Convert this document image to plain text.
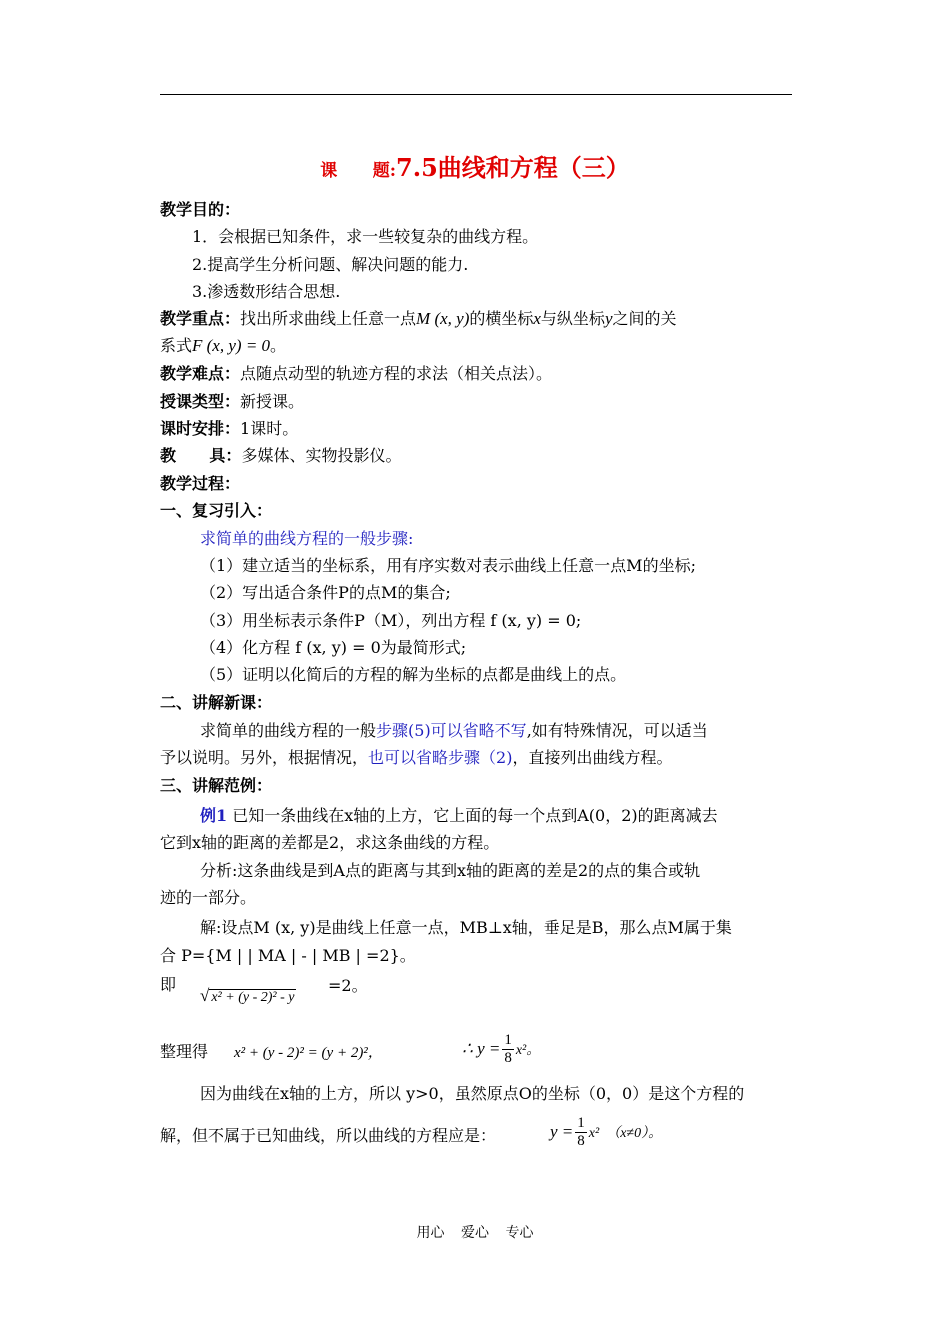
课      题:7.5曲线和方程（三）
教学目的：
1．会根据已知条件，求一些较复杂的曲线方程。
2.提高学生分析问题、解决问题的能力.
3.渗透数形结合思想.
教学重点：找出所求曲线上任意一点M (x, y)的横坐标x与纵坐标y之间的关
系式F (x, y) = 0。
教学难点：点随点动型的轨迹方程的求法（相关点法）。
授课类型：新授课。
课时安排：1课时。
教      具：多媒体、实物投影仪。
教学过程：
一、复习引入：
求简单的曲线方程的一般步骤:
（1）建立适当的坐标系，用有序实数对表示曲线上任意一点M的坐标;
（2）写出适合条件P的点M的集合;
（3）用坐标表示条件P（M），列出方程 f (x, y) = 0;
（4）化方程 f (x, y) = 0为最简形式;
（5）证明以化简后的方程的解为坐标的点都是曲线上的点。
二、讲解新课：
求简单的曲线方程的一般步骤(5)可以省略不写,如有特殊情况，可以适当
予以说明。另外，根据情况，也可以省略步骤（2)，直接列出曲线方程。
三、讲解范例：
例1 已知一条曲线在x轴的上方，它上面的每一个点到A(0，2)的距离减去
它到x轴的距离的差都是2，求这条曲线的方程。
分析:这条曲线是到A点的距离与其到x轴的距离的差是2的点的集合或轨
迹的一部分。
解:设点M (x, y)是曲线上任意一点，MB⊥x轴，垂足是B，那么点M属于集
合 P={M | | MA | - | MB | =2}。
即
√ x² + (y - 2)² - y
=2。
整理得	x² + (y - 2)² = (y + 2)²，	∴ $y = \frac{1}{8} x^2$。
因为曲线在x轴的上方，所以 y>0，虽然原点O的坐标（0，0）是这个方程的
解，但不属于已知曲线，所以曲线的方程应是：	$y = \frac{1}{8} x^2$  （x≠0）。
用心 爱心 专心
